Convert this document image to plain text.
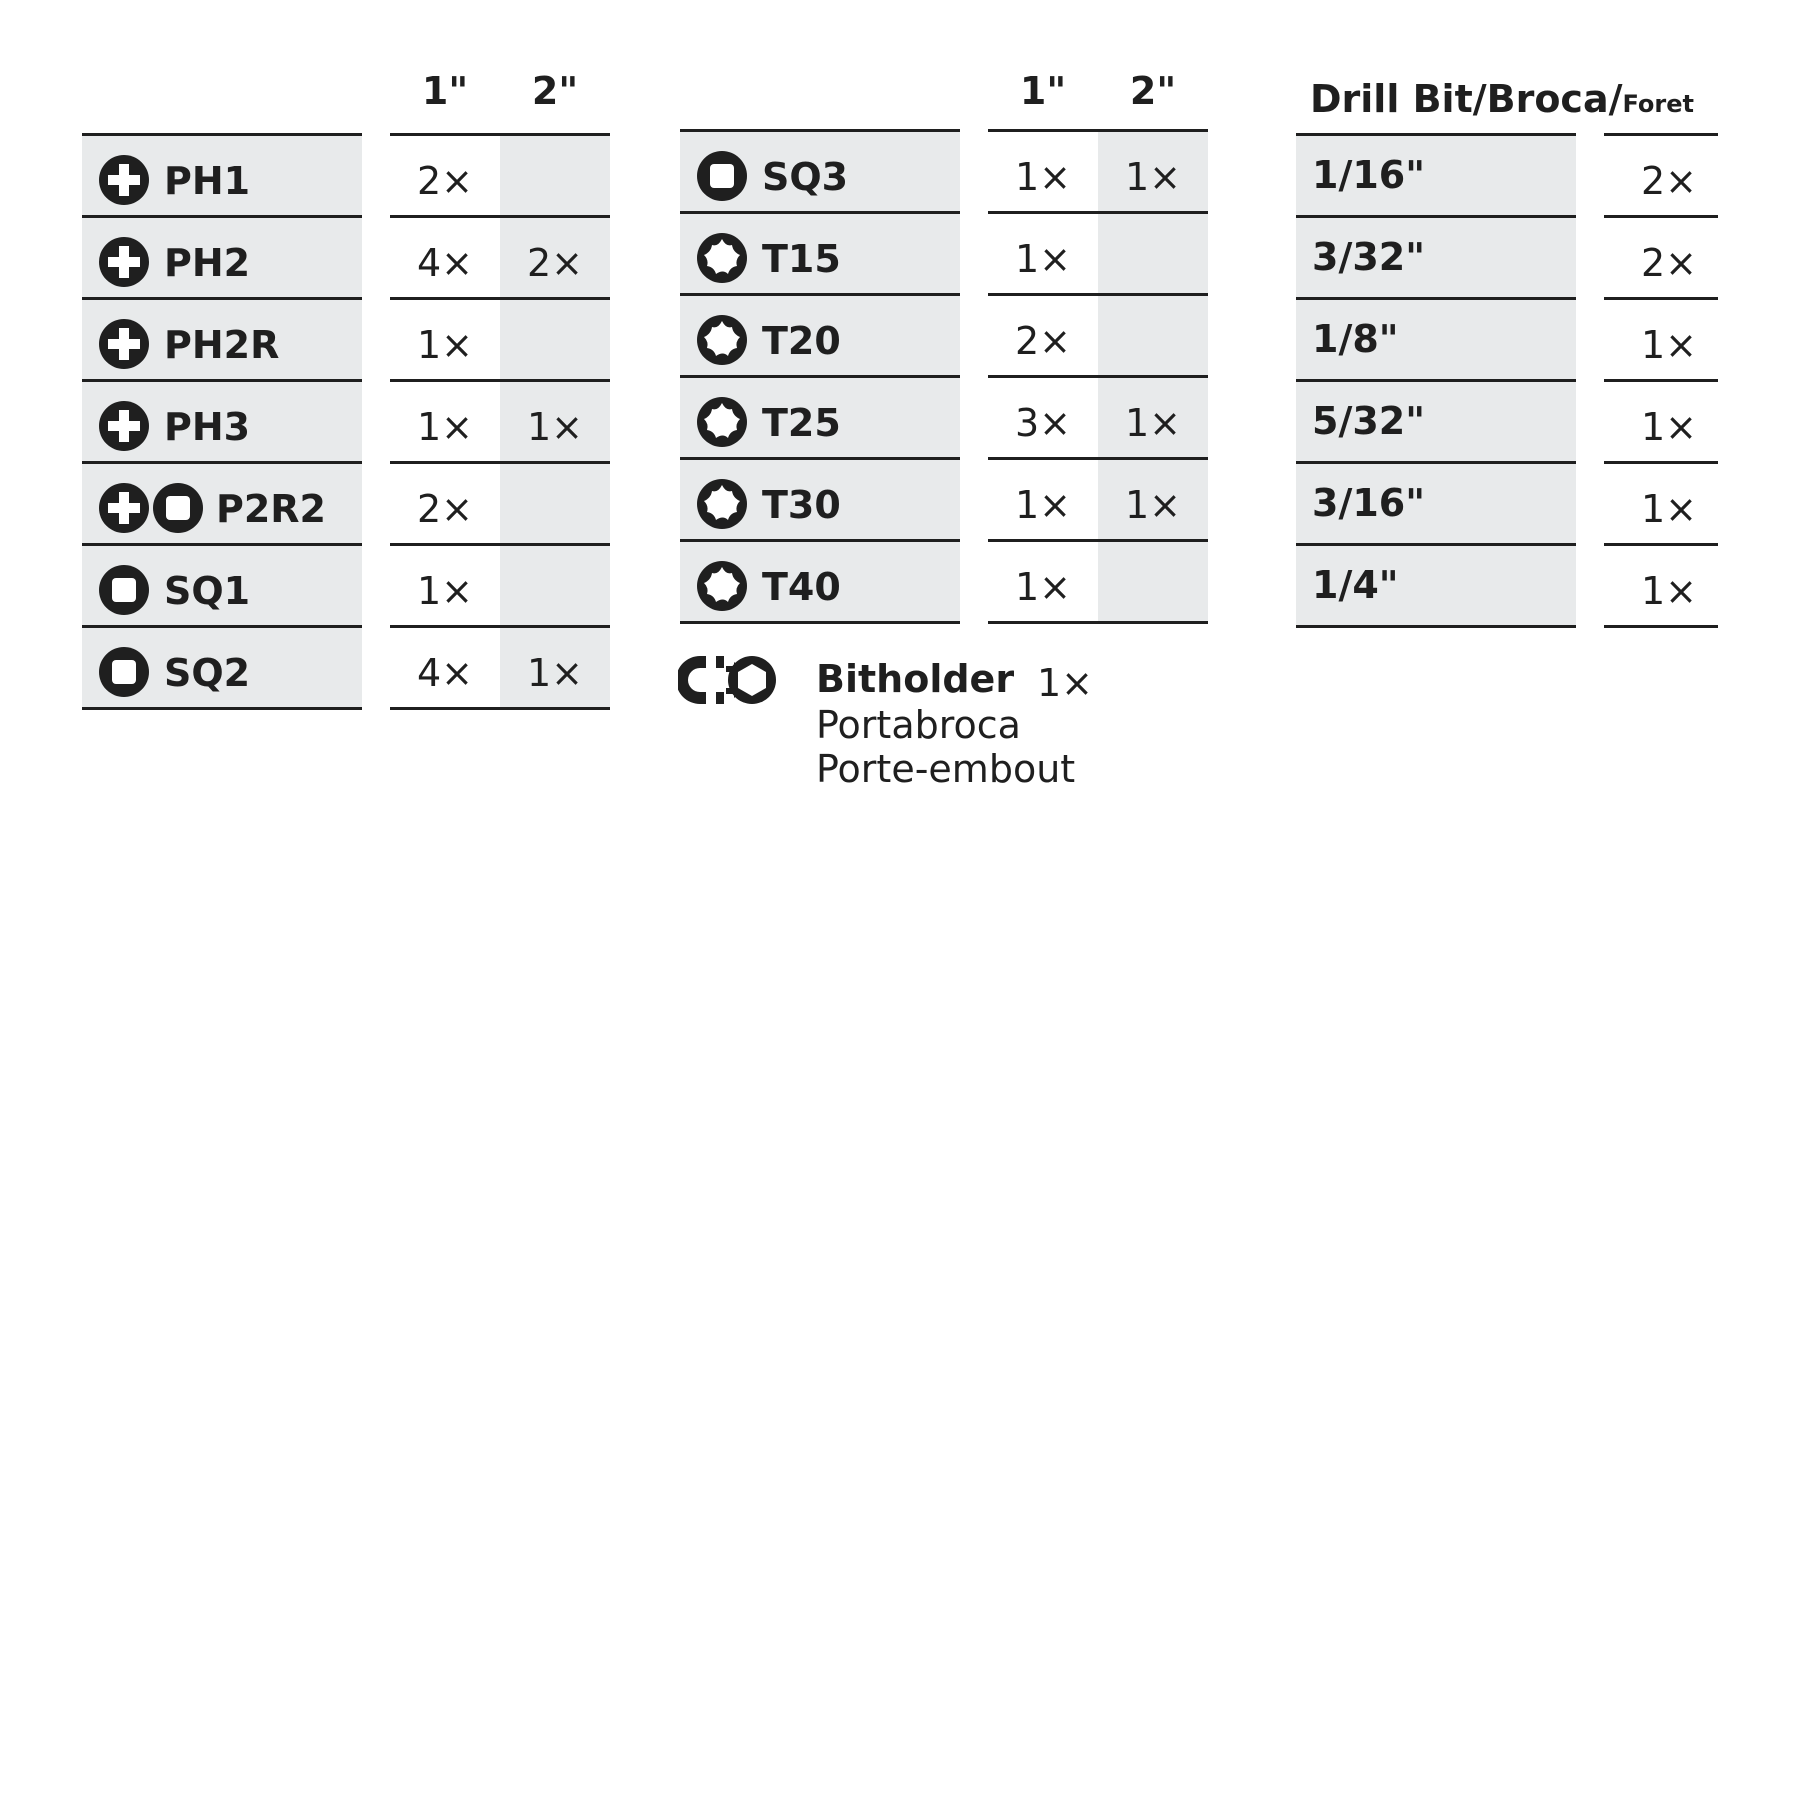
1"	2"
PH1	2×
PH2	4×	2×
PH2R	1×
PH3	1×	1×
P2R2	2×
SQ1	1×
SQ2	4×	1×
1"	2"
SQ3	1×	1×
T15	1×
T20	2×
T25	3×	1×
T30	1×	1×
T40	1×
Bitholder 1×
Portabroca
Porte-embout
Drill Bit/Broca/Foret
1/16"	2×
3/32"	2×
1/8"	1×
5/32"	1×
3/16"	1×
1/4"	1×
